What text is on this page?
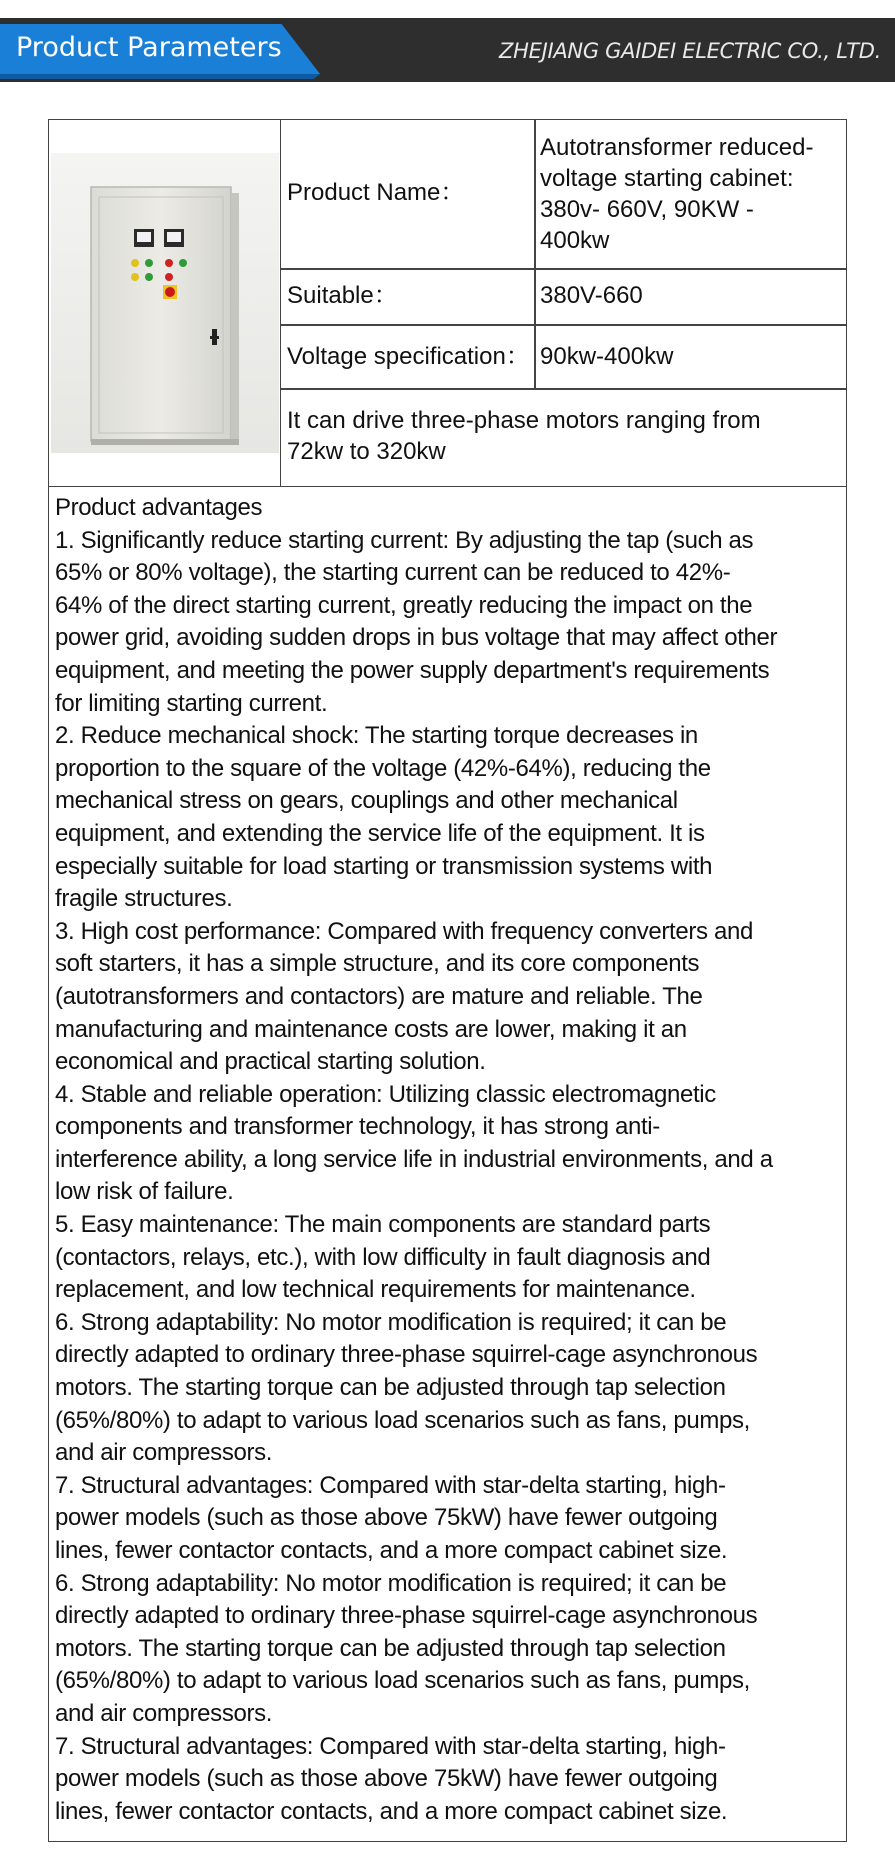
Product Parameters	ZHEJIANG GAIDEI ELECTRIC CO., LTD.
Product Name：
Autotransformer reduced-
voltage starting cabinet:
380v- 660V, 90KW -
400kw
Suitable：	380V-660
Voltage specification： 90kw-400kw
It can drive three-phase motors ranging from
72kw to 320kw
Product advantages
1. Significantly reduce starting current: By adjusting the tap (such as
65% or 80% voltage), the starting current can be reduced to 42%-
64% of the direct starting current, greatly reducing the impact on the
power grid, avoiding sudden drops in bus voltage that may affect other
equipment, and meeting the power supply department's requirements
for limiting starting current.
2. Reduce mechanical shock: The starting torque decreases in
proportion to the square of the voltage (42%-64%), reducing the
mechanical stress on gears, couplings and other mechanical
equipment, and extending the service life of the equipment. It is
especially suitable for load starting or transmission systems with
fragile structures.
3. High cost performance: Compared with frequency converters and
soft starters, it has a simple structure, and its core components
(autotransformers and contactors) are mature and reliable. The
manufacturing and maintenance costs are lower, making it an
economical and practical starting solution.
4. Stable and reliable operation: Utilizing classic electromagnetic
components and transformer technology, it has strong anti-
interference ability, a long service life in industrial environments, and a
low risk of failure.
5. Easy maintenance: The main components are standard parts
(contactors, relays, etc.), with low difficulty in fault diagnosis and
replacement, and low technical requirements for maintenance.
6. Strong adaptability: No motor modification is required; it can be
directly adapted to ordinary three-phase squirrel-cage asynchronous
motors. The starting torque can be adjusted through tap selection
(65%/80%) to adapt to various load scenarios such as fans, pumps,
and air compressors.
7. Structural advantages: Compared with star-delta starting, high-
power models (such as those above 75kW) have fewer outgoing
lines, fewer contactor contacts, and a more compact cabinet size.
6. Strong adaptability: No motor modification is required; it can be
directly adapted to ordinary three-phase squirrel-cage asynchronous
motors. The starting torque can be adjusted through tap selection
(65%/80%) to adapt to various load scenarios such as fans, pumps,
and air compressors.
7. Structural advantages: Compared with star-delta starting, high-
power models (such as those above 75kW) have fewer outgoing
lines, fewer contactor contacts, and a more compact cabinet size.
